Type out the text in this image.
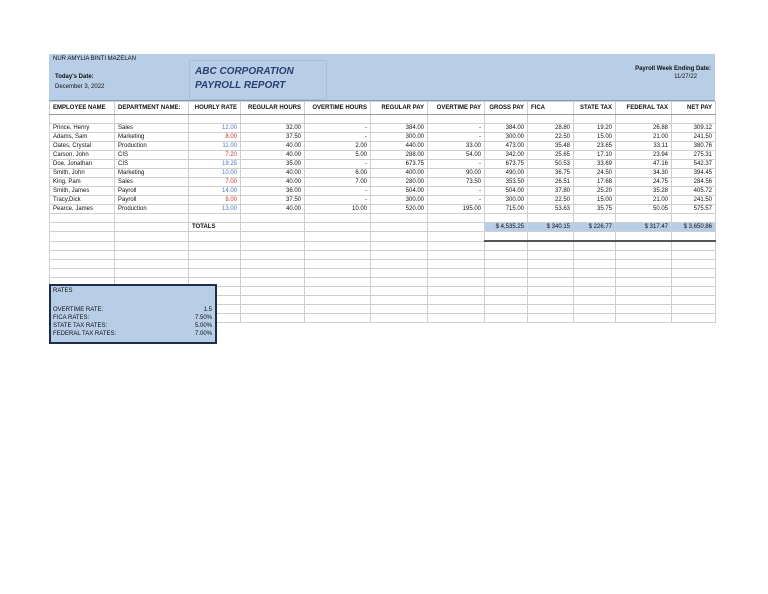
NUR AMYLIA BINTI MAZELAN
Today's Date:
December 3, 2022
ABC CORPORATION
PAYROLL REPORT
Payroll Week Ending Date:
11/27/22
EMPLOYEE NAME	DEPARTMENT NAME:	HOURLY RATE	REGULAR HOURS	OVERTIME HOURS	REGULAR PAY	OVERTIME PAY	GROSS PAY	FICA	STATE TAX	FEDERAL TAX	NET PAY

Prince, Henry	Sales	12.00	32.00	-	384.00	-	384.00	28.80	19.20	26.88	309.12
Adams, Sam	Marketing	8.00	37.50	-	300.00	-	300.00	22.50	15.00	21.00	241.50
Oates, Crystal	Production	11.00	40.00	2.00	440.00	33.00	473.00	35.48	23.65	33.11	380.76
Carson, John	CIS	7.20	40.00	5.00	288.00	54.00	342.00	25.65	17.10	23.94	275.31
Doe, Jonathan	CIS	19.25	35.00	-	673.75	-	673.75	50.53	33.69	47.16	542.37
Smith, John	Marketing	10.00	40.00	6.00	400.00	90.00	490.00	36.75	24.50	34.30	394.45
King, Pam	Sales	7.00	40.00	7.00	280.00	73.50	353.50	26.51	17.68	24.75	284.56
Smith, James	Payroll	14.00	36.00	-	504.00	-	504.00	37.80	25.20	35.28	405.72
Tracy,Dick	Payroll	8.00	37.50	-	300.00	-	300.00	22.50	15.00	21.00	241.50
Pearce, James	Production	13.00	40.00	10.00	520.00	195.00	715.00	53.63	35.75	50.05	575.57

		TOTALS					$ 4,535.25	$ 340.15	$ 226.77	$ 317.47	$ 3,650.86

RATES
OVERTIME RATE:	1.5
FICA RATES:	7.50%
STATE TAX RATES:	5.00%
FEDERAL TAX RATES:	7.00%
